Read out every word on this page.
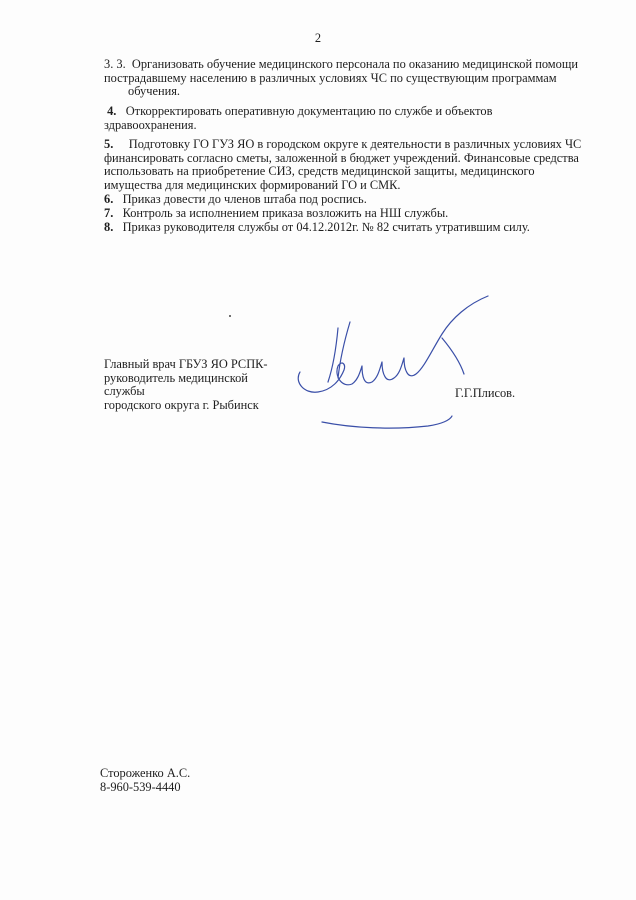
2
3. 3. Организовать обучение медицинского персонала по оказанию медицинской помощи
пострадавшему населению в различных условиях ЧС по существующим программам
обучения.
4. Откорректировать оперативную документацию по службе и объектов
здравоохранения.
5. Подготовку ГО ГУЗ ЯО в городском округе к деятельности в различных условиях ЧС
финансировать согласно сметы, заложенной в бюджет учреждений. Финансовые средства
использовать на приобретение СИЗ, средств медицинской защиты, медицинского
имущества для медицинских формирований ГО и СМК.
6. Приказ довести до членов штаба под роспись.
7. Контроль за исполнением приказа возложить на НШ службы.
8. Приказ руководителя службы от 04.12.2012г. № 82 считать утратившим силу.
Главный врач ГБУЗ ЯО РСПК-
руководитель медицинской службы
городского округа г. Рыбинск
Г.Г.Плисов.
Стороженко А.С.
8-960-539-4440
